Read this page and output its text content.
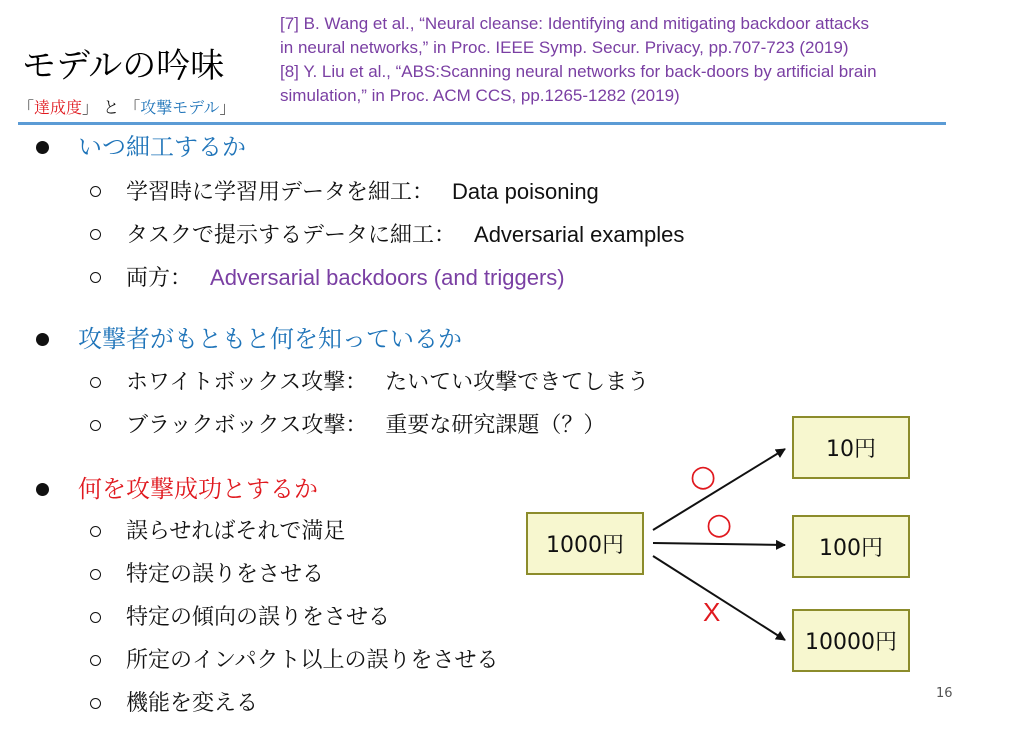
モデルの吟味
「達成度」 と 「攻撃モデル」
[7] B. Wang et al., “Neural cleanse: Identifying and mitigating backdoor attacks
in neural networks,” in Proc. IEEE Symp. Secur. Privacy, pp.707-723 (2019)
[8] Y. Liu et al., “ABS:Scanning neural networks for back-doors by artificial brain
simulation,” in Proc. ACM CCS, pp.1265-1282 (2019)
いつ細工するか
学習時に学習用データを細工： Data poisoning
タスクで提示するデータに細工： Adversarial examples
両方： Adversarial backdoors (and triggers)
攻撃者がもともと何を知っているか
ホワイトボックス攻撃： たいてい攻撃できてしまう
ブラックボックス攻撃： 重要な研究課題（？）
何を攻撃成功とするか
誤らせればそれで満足
特定の誤りをさせる
特定の傾向の誤りをさせる
所定のインパクト以上の誤りをさせる
機能を変える
1000円
10円
100円
10000円
○
○
X
16
